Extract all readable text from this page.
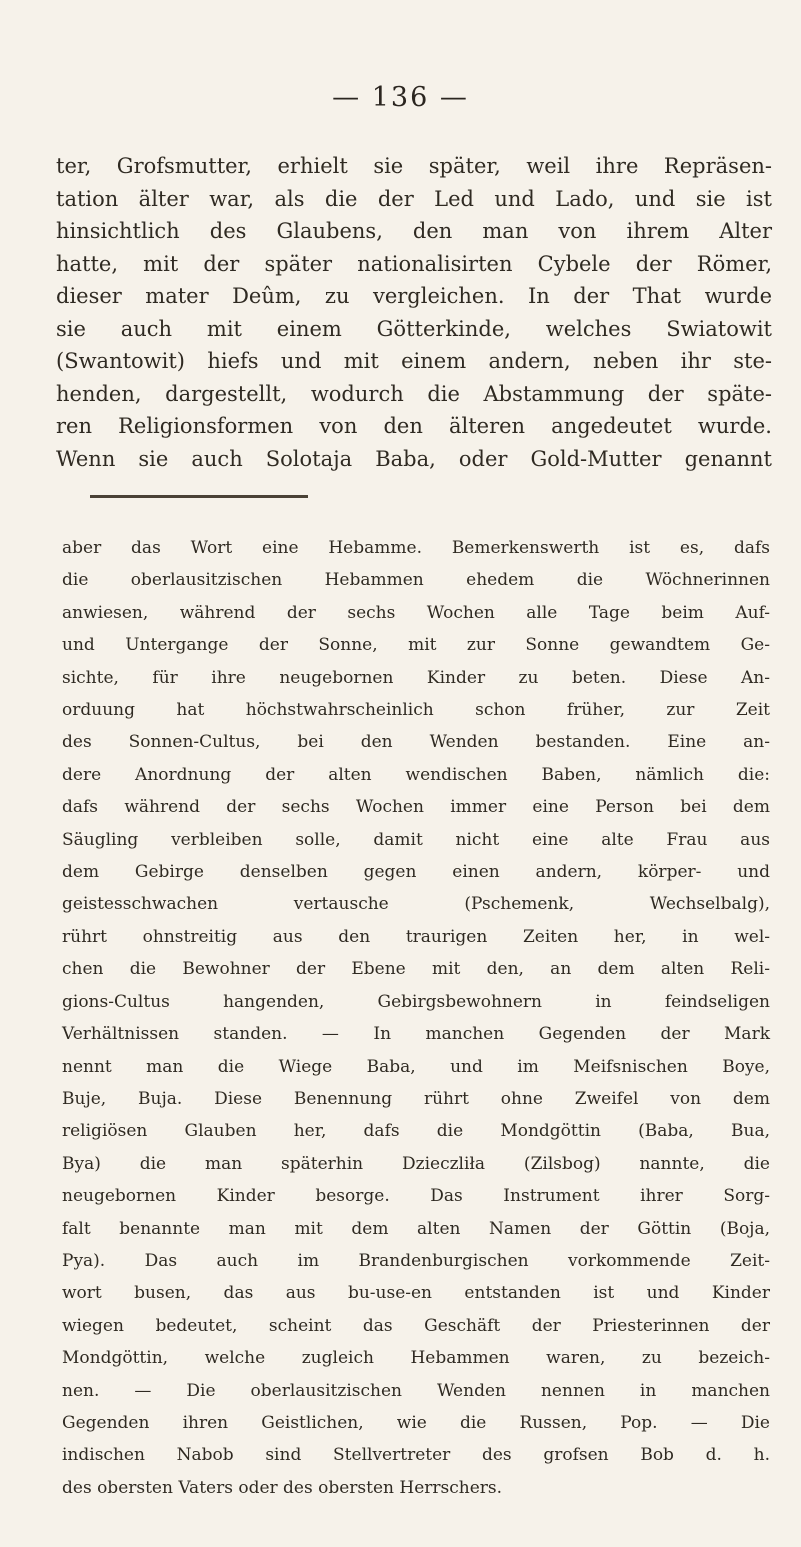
— 136 —
ter, Grofsmutter, erhielt sie später, weil ihre Repräsen-
tation älter war, als die der Led und Lado, und sie ist
hinsichtlich des Glaubens, den man von ihrem Alter
hatte, mit der später nationalisirten Cybele der Römer,
dieser mater Deûm, zu vergleichen. In der That wurde
sie auch mit einem Götterkinde, welches Swiatowit
(Swantowit) hiefs und mit einem andern, neben ihr ste-
henden, dargestellt, wodurch die Abstammung der späte-
ren Religionsformen von den älteren angedeutet wurde.
Wenn sie auch Solotaja Baba, oder Gold-Mutter genannt
aber das Wort eine Hebamme. Bemerkenswerth ist es, dafs
die oberlausitzischen Hebammen ehedem die Wöchnerinnen
anwiesen, während der sechs Wochen alle Tage beim Auf-
und Untergange der Sonne, mit zur Sonne gewandtem Ge-
sichte, für ihre neugebornen Kinder zu beten. Diese An-
orduung hat höchstwahrscheinlich schon früher, zur Zeit
des Sonnen-Cultus, bei den Wenden bestanden. Eine an-
dere Anordnung der alten wendischen Baben, nämlich die:
dafs während der sechs Wochen immer eine Person bei dem
Säugling verbleiben solle, damit nicht eine alte Frau aus
dem Gebirge denselben gegen einen andern, körper- und
geistesschwachen vertausche (Pschemenk, Wechselbalg),
rührt ohnstreitig aus den traurigen Zeiten her, in wel-
chen die Bewohner der Ebene mit den, an dem alten Reli-
gions-Cultus hangenden, Gebirgsbewohnern in feindseligen
Verhältnissen standen. — In manchen Gegenden der Mark
nennt man die Wiege Baba, und im Meifsnischen Boye,
Buje, Buja. Diese Benennung rührt ohne Zweifel von dem
religiösen Glauben her, dafs die Mondgöttin (Baba, Bua,
Bya) die man späterhin Dzieczliła (Zilsbog) nannte, die
neugebornen Kinder besorge. Das Instrument ihrer Sorg-
falt benannte man mit dem alten Namen der Göttin (Boja,
Pya). Das auch im Brandenburgischen vorkommende Zeit-
wort busen, das aus bu-use-en entstanden ist und Kinder
wiegen bedeutet, scheint das Geschäft der Priesterinnen der
Mondgöttin, welche zugleich Hebammen waren, zu bezeich-
nen. — Die oberlausitzischen Wenden nennen in manchen
Gegenden ihren Geistlichen, wie die Russen, Pop. — Die
indischen Nabob sind Stellvertreter des grofsen Bob d. h.
des obersten Vaters oder des obersten Herrschers.
